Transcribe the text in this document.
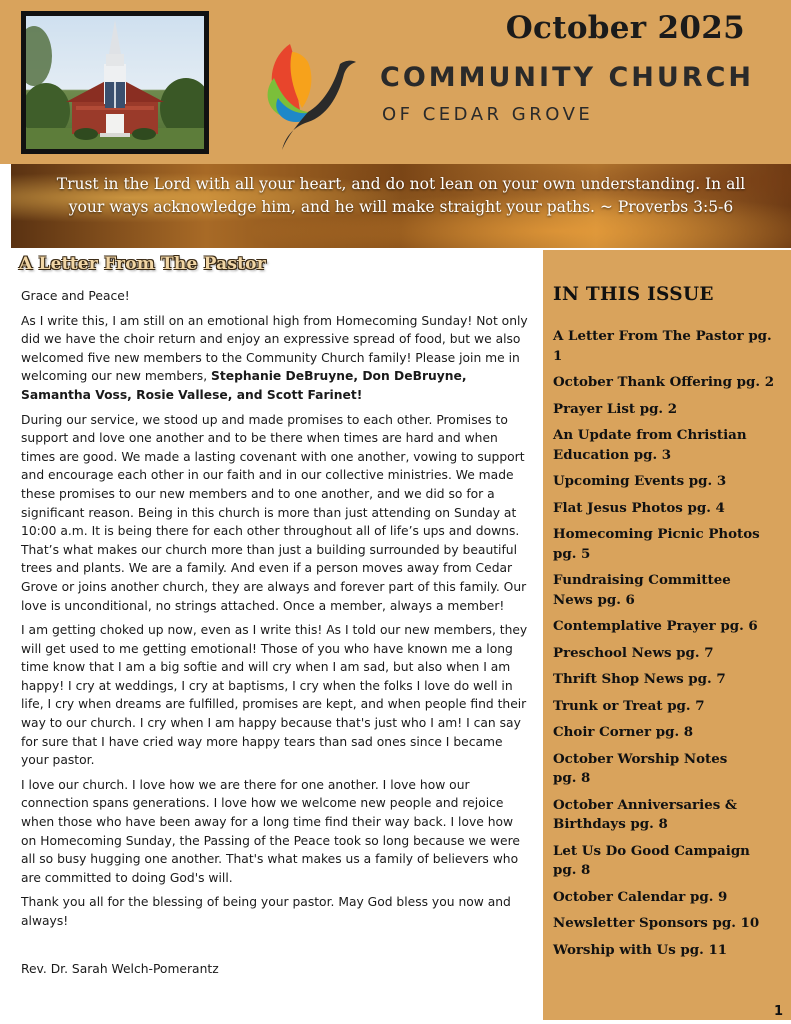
October 2025
COMMUNITY CHURCH
OF CEDAR GROVE
Trust in the Lord with all your heart, and do not lean on your own understanding. In all your ways acknowledge him, and he will make straight your paths. ~ Proverbs 3:5-6
A Letter From The Pastor

Grace and Peace!

As I write this, I am still on an emotional high from Homecoming Sunday! Not only did we have the choir return and enjoy an expressive spread of food, but we also welcomed five new members to the Community Church family! Please join me in welcoming our new members, Stephanie DeBruyne, Don DeBruyne, Samantha Voss, Rosie Vallese, and Scott Farinet!

During our service, we stood up and made promises to each other. Promises to support and love one another and to be there when times are hard and when times are good. We made a lasting covenant with one another, vowing to support and encourage each other in our faith and in our collective ministries. We made these promises to our new members and to one another, and we did so for a significant reason. Being in this church is more than just attending on Sunday at 10:00 a.m. It is being there for each other throughout all of life’s ups and downs. That’s what makes our church more than just a building surrounded by beautiful trees and plants. We are a family. And even if a person moves away from Cedar Grove or joins another church, they are always and forever part of this family. Our love is unconditional, no strings attached. Once a member, always a member!

I am getting choked up now, even as I write this! As I told our new members, they will get used to me getting emotional! Those of you who have known me a long time know that I am a big softie and will cry when I am sad, but also when I am happy! I cry at weddings, I cry at baptisms, I cry when the folks I love do well in life, I cry when dreams are fulfilled, promises are kept, and when people find their way to our church. I cry when I am happy because that's just who I am! I can say for sure that I have cried way more happy tears than sad ones since I became your pastor.

I love our church. I love how we are there for one another. I love how our connection spans generations. I love how we welcome new people and rejoice when those who have been away for a long time find their way back. I love how on Homecoming Sunday, the Passing of the Peace took so long because we were all so busy hugging one another. That's what makes us a family of believers who are committed to doing God's will.

Thank you all for the blessing of being your pastor. May God bless you now and always!

Rev. Dr. Sarah Welch-Pomerantz
IN THIS ISSUE
A Letter From The Pastor pg. 1
October Thank Offering pg. 2
Prayer List pg. 2
An Update from Christian Education pg. 3
Upcoming Events pg. 3
Flat Jesus Photos pg. 4
Homecoming Picnic Photos pg. 5
Fundraising Committee News pg. 6
Contemplative Prayer pg. 6
Preschool News pg. 7
Thrift Shop News pg. 7
Trunk or Treat pg. 7
Choir Corner pg. 8
October Worship Notes pg. 8
October Anniversaries & Birthdays pg. 8
Let Us Do Good Campaign pg. 8
October Calendar pg. 9
Newsletter Sponsors pg. 10
Worship with Us pg. 11
1
